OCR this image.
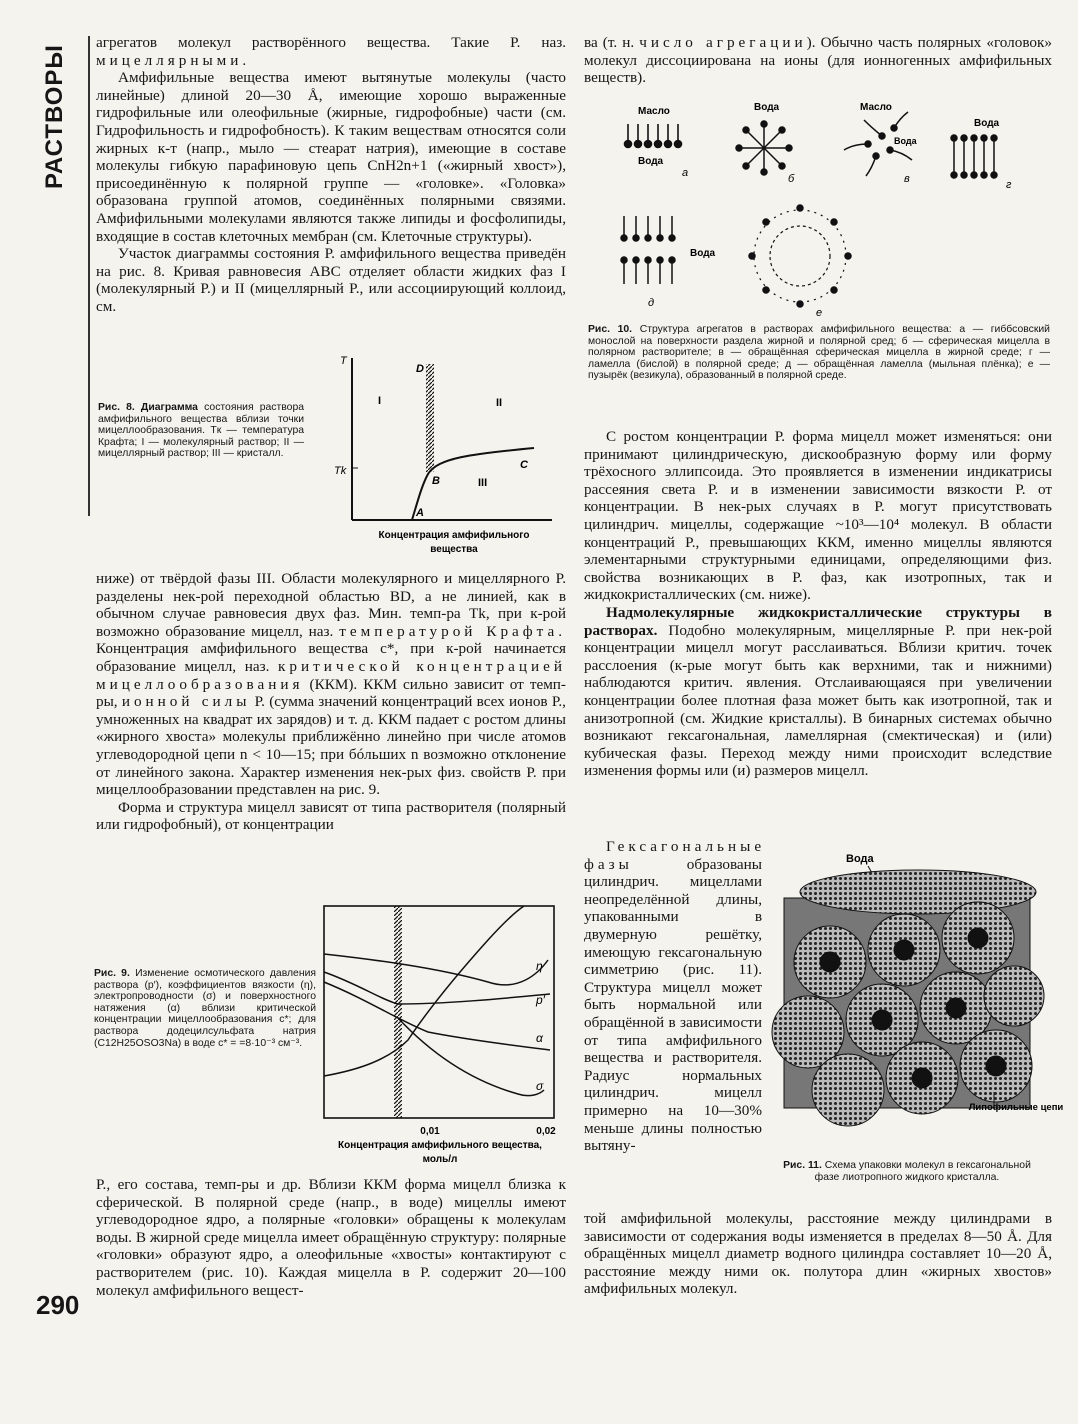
РАСТВОРЫ
290

агрегатов молекул растворённого вещества. Такие Р. наз. мицеллярными.

Амфифильные вещества имеют вытянутые молекулы (часто линейные) длиной 20—30 Å, имеющие хорошо выраженные гидрофильные или олеофильные (жирные, гидрофобные) части (см. Гидрофильность и гидрофобность). К таким веществам относятся соли жирных к-т (напр., мыло — стеарат натрия), имеющие в составе молекулы гибкую парафиновую цепь CnH2n+1 («жирный хвост»), присоединённую к полярной группе — «головке». «Головка» образована группой атомов, соединённых полярными связями. Амфифильными молекулами являются также липиды и фосфолипиды, входящие в состав клеточных мембран (см. Клеточные структуры).

Участок диаграммы состояния Р. амфифильного вещества приведён на рис. 8. Кривая равновесия ABC отделяет области жидких фаз I (молекулярный Р.) и II (мицеллярный Р., или ассоциирующий коллоид, см.

Рис. 8. Диаграмма состояния раствора амфифильного вещества вблизи точки мицеллообразования. Tк — температура Крафта; I — молекулярный раствор; II — мицеллярный раствор; III — кристалл.
T
Tk
D
I	II
III
A
B
C
Концентрация амфифильного
вещества

ниже) от твёрдой фазы III. Области молекулярного и мицеллярного Р. разделены нек-рой переходной областью BD, а не линией, как в обычном случае равновесия двух фаз. Мин. темп-ра Tk, при к-рой возможно образование мицелл, наз. температурой Крафта. Концентрация амфифильного вещества c*, при к-рой начинается образование мицелл, наз. критической концентрацией мицеллообразования (ККМ). ККМ сильно зависит от темп-ры, ионной силы Р. (сумма значений концентраций всех ионов Р., умноженных на квадрат их зарядов) и т. д. ККМ падает с ростом длины «жирного хвоста» молекулы приближённо линейно при числе атомов углеводородной цепи n < 10—15; при бóльших n возможно отклонение от линейного закона. Характер изменения нек-рых физ. свойств Р. при мицеллообразовании представлен на рис. 9.

Форма и структура мицелл зависят от типа растворителя (полярный или гидрофобный), от концентрации

Рис. 9. Изменение осмотического давления раствора (p′), коэффициентов вязкости (η), электропроводности (σ) и поверхностного натяжения (α) вблизи критической концентрации мицеллообразования c*; для раствора додецилсульфата натрия (C12H25OSO3Na) в воде c* = =8·10⁻³ см⁻³.
η
p′
α
σ
0,01	0,02
Концентрация амфифильного вещества,
моль/л

Р., его состава, темп-ры и др. Вблизи ККМ форма мицелл близка к сферической. В полярной среде (напр., в воде) мицеллы имеют углеводородное ядро, а полярные «головки» обращены к молекулам воды. В жирной среде мицелла имеет обращённую структуру: полярные «головки» образуют ядро, а олеофильные «хвосты» контактируют с растворителем (рис. 10). Каждая мицелла в Р. содержит 20—100 молекул амфифильного вещест-

ва (т. н. число агрегации). Обычно часть полярных «головок» молекул диссоциирована на ионы (для ионногенных амфифильных веществ).

Масло
Вода
а
Вода
б
Масло
Вода
в
Вода
г
Вода
д
е
Рис. 10. Структура агрегатов в растворах амфифильного вещества: а — гиббсовский монослой на поверхности раздела жирной и полярной сред; б — сферическая мицелла в полярном растворителе; в — обращённая сферическая мицелла в жирной среде; г — ламелла (бислой) в полярной среде; д — обращённая ламелла (мыльная плёнка); е — пузырёк (везикула), образованный в полярной среде.

С ростом концентрации Р. форма мицелл может изменяться: они принимают цилиндрическую, дискообразную форму или форму трёхосного эллипсоида. Это проявляется в изменении индикатрисы рассеяния света Р. и в изменении зависимости вязкости Р. от концентрации. В нек-рых случаях в Р. могут присутствовать цилиндрич. мицеллы, содержащие ~10³—10⁴ молекул. В области концентраций Р., превышающих ККМ, именно мицеллы являются элементарными структурными единицами, определяющими физ. свойства возникающих в Р. фаз, как изотропных, так и жидкокристаллических (см. ниже).

Надмолекулярные жидкокристаллические структуры в растворах. Подобно молекулярным, мицеллярные Р. при нек-рой концентрации мицелл могут расслаиваться. Вблизи критич. точек расслоения (к-рые могут быть как верхними, так и нижними) наблюдаются критич. явления. Отслаивающаяся при увеличении концентрации более плотная фаза может быть как изотропной, так и анизотропной (см. Жидкие кристаллы). В бинарных системах обычно возникают гексагональная, ламеллярная (смектическая) и (или) кубическая фазы. Переход между ними происходит вследствие изменения формы или (и) размеров мицелл.

Гексагональные фазы образованы цилиндрич. мицеллами неопределённой длины, упакованными в двумерную решётку, имеющую гексагональную симметрию (рис. 11). Структура мицелл может быть нормальной или обращённой в зависимости от типа амфифильного вещества и растворителя. Радиус нормальных цилиндрич. мицелл примерно на 10—30% меньше длины полностью вытяну-

Вода
Липофильные цепи
Рис. 11. Схема упаковки молекул в гексагональной фазе лиотропного жидкого кристалла.

той амфифильной молекулы, расстояние между цилиндрами в зависимости от содержания воды изменяется в пределах 8—50 Å. Для обращённых мицелл диаметр водного цилиндра составляет 10—20 Å, расстояние между ними ок. полутора длин «жирных хвостов» амфифильных молекул.
